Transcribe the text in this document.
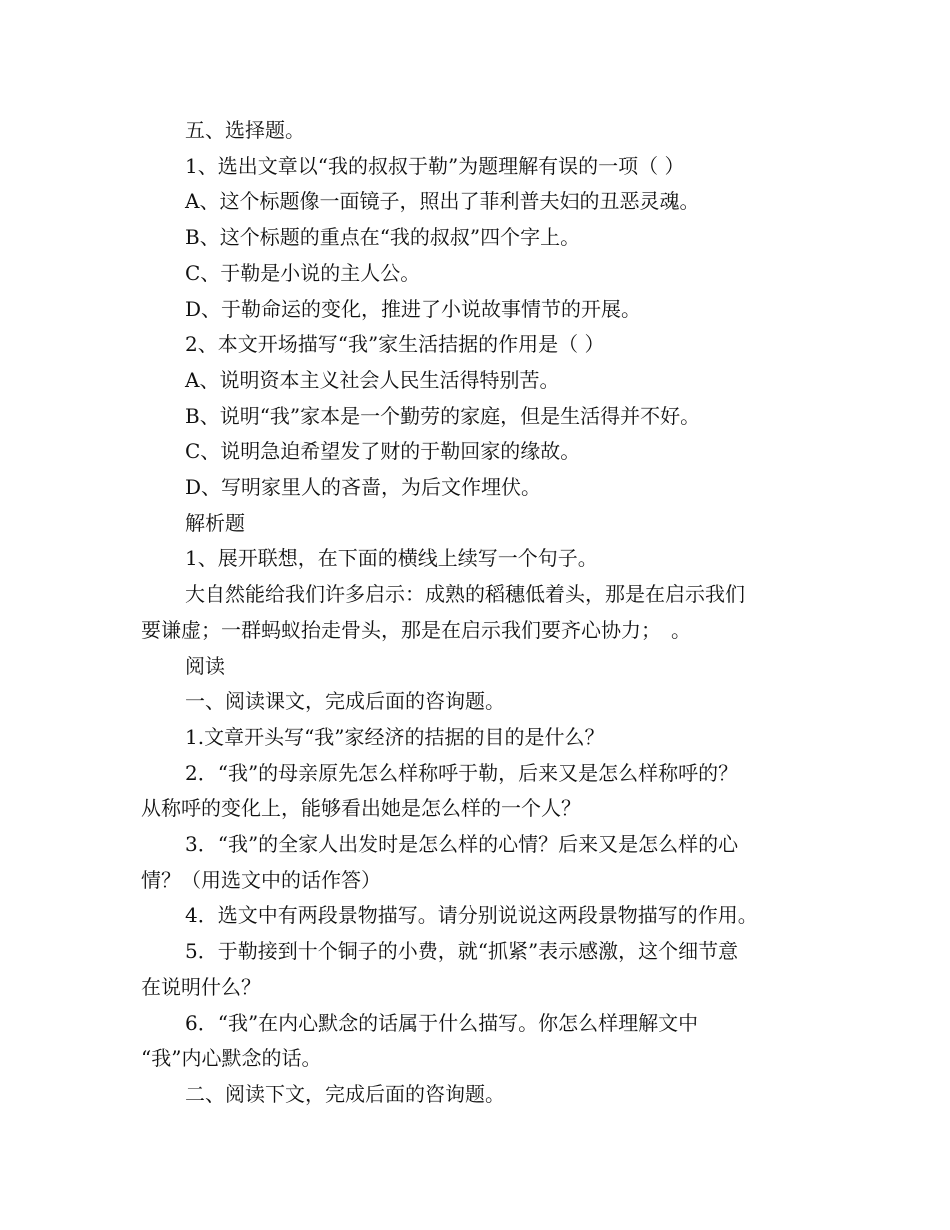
五、选择题。
1、选出文章以“我的叔叔于勒”为题理解有误的一项（ ）
A、这个标题像一面镜子，照出了菲利普夫妇的丑恶灵魂。
B、这个标题的重点在“我的叔叔”四个字上。
C、于勒是小说的主人公。
D、于勒命运的变化，推进了小说故事情节的开展。
2、本文开场描写“我”家生活拮据的作用是（ ）
A、说明资本主义社会人民生活得特别苦。
B、说明“我”家本是一个勤劳的家庭，但是生活得并不好。
C、说明急迫希望发了财的于勒回家的缘故。
D、写明家里人的吝啬，为后文作埋伏。
解析题
1、展开联想，在下面的横线上续写一个句子。
大自然能给我们许多启示：成熟的稻穗低着头，那是在启示我们
要谦虚；一群蚂蚁抬走骨头，那是在启示我们要齐心协力；　。
阅读
一、阅读课文，完成后面的咨询题。
1.文章开头写“我”家经济的拮据的目的是什么？
2．“我”的母亲原先怎么样称呼于勒，后来又是怎么样称呼的？
从称呼的变化上，能够看出她是怎么样的一个人？
3．“我”的全家人出发时是怎么样的心情？后来又是怎么样的心
情？（用选文中的话作答）
4．选文中有两段景物描写。请分别说说这两段景物描写的作用。
5．于勒接到十个铜子的小费，就“抓紧”表示感激，这个细节意
在说明什么？
6．“我”在内心默念的话属于什么描写。你怎么样理解文中
“我”内心默念的话。
二、阅读下文，完成后面的咨询题。
